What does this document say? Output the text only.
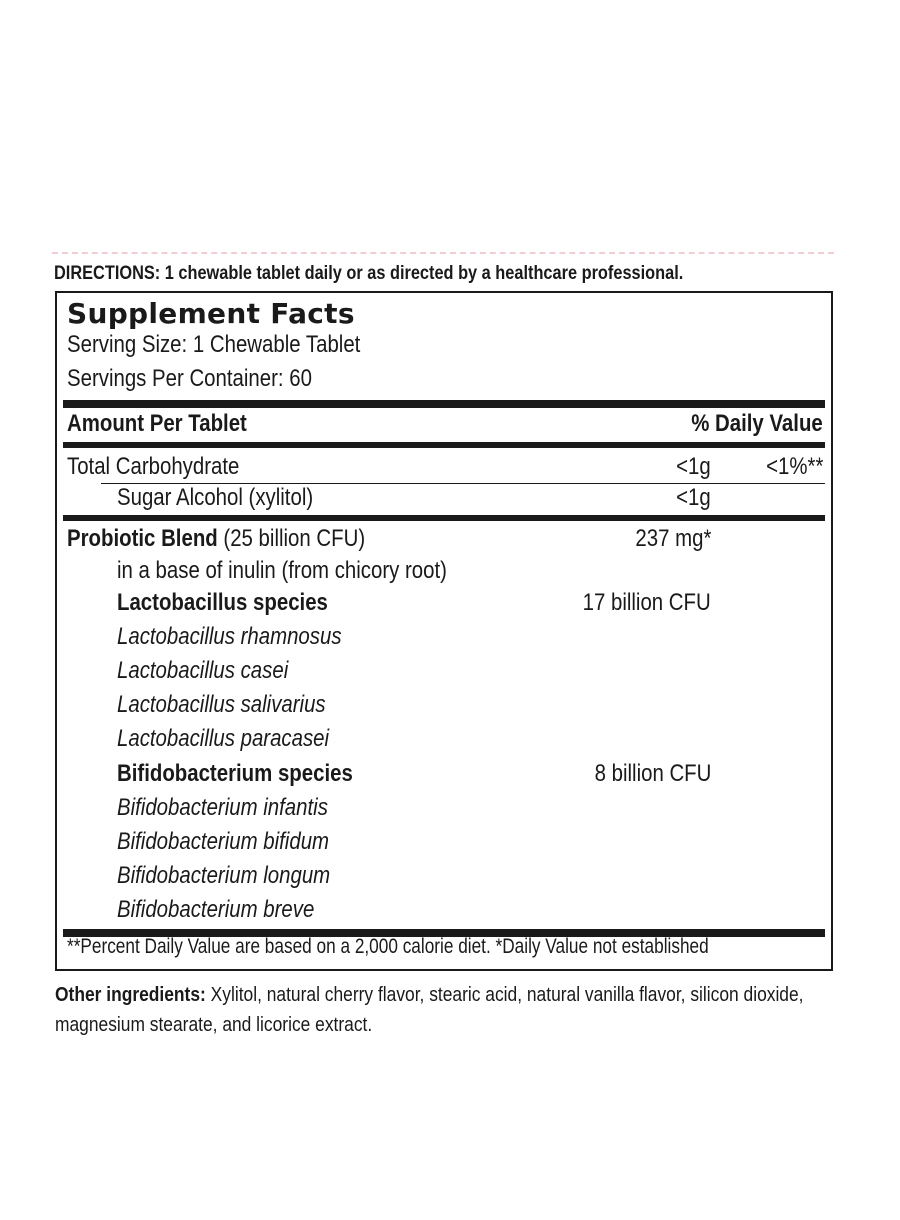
DIRECTIONS: 1 chewable tablet daily or as directed by a healthcare professional.
Supplement Facts
Serving Size: 1 Chewable Tablet
Servings Per Container: 60
Amount Per Tablet	% Daily Value
Total Carbohydrate	<1g <1%**
Sugar Alcohol (xylitol)	<1g
Probiotic Blend (25 billion CFU)	237 mg*
in a base of inulin (from chicory root)
Lactobacillus species	17 billion CFU
Lactobacillus rhamnosus
Lactobacillus casei
Lactobacillus salivarius
Lactobacillus paracasei
Bifidobacterium species	8 billion CFU
Bifidobacterium infantis
Bifidobacterium bifidum
Bifidobacterium longum
Bifidobacterium breve
**Percent Daily Value are based on a 2,000 calorie diet. *Daily Value not established
Other ingredients: Xylitol, natural cherry flavor, stearic acid, natural vanilla flavor, silicon dioxide, magnesium stearate, and licorice extract.
